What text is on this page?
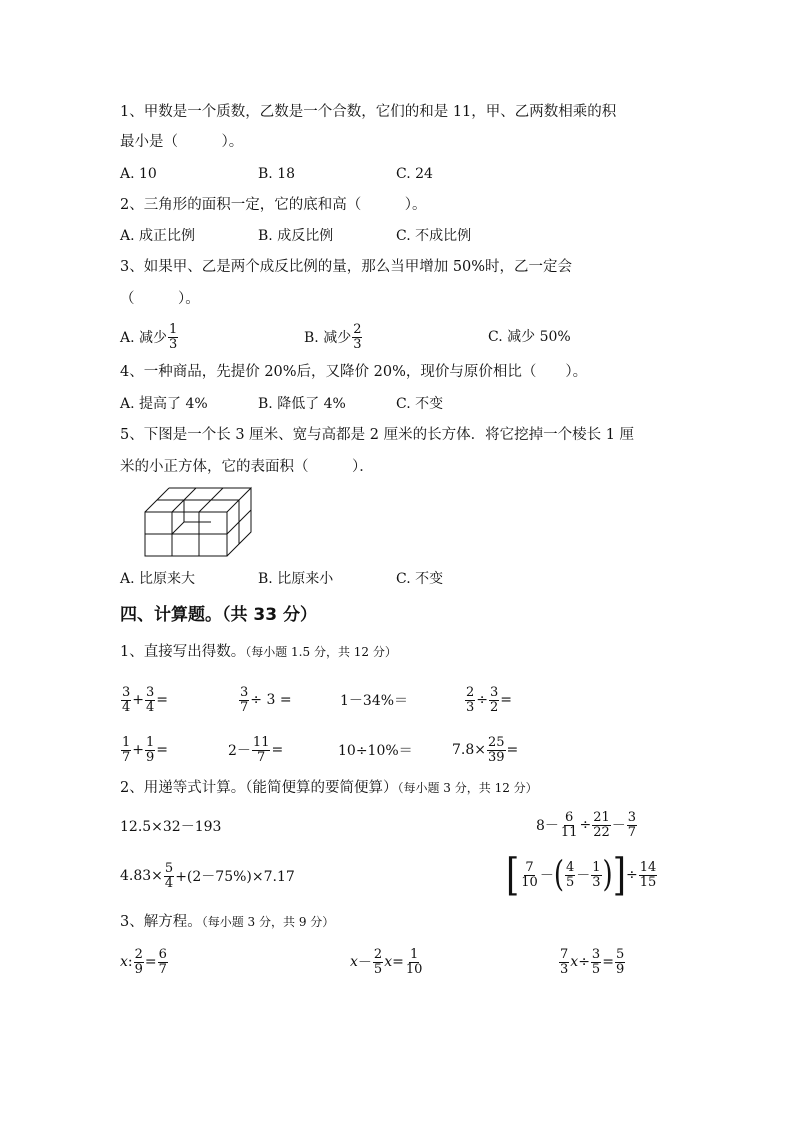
1、甲数是一个质数，乙数是一个合数，它们的和是 11，甲、乙两数相乘的积
最小是（　　　）。
A. 10	B. 18	C. 24
2、三角形的面积一定，它的底和高（　　　）。
A. 成正比例	B. 成反比例	C. 不成比例
3、如果甲、乙是两个成反比例的量，那么当甲增加 50%时，乙一定会
（　　　）。
A. 减少 $\frac{1}{3}$	B. 减少 $\frac{2}{3}$	C. 减少 50%
4、一种商品，先提价 20%后，又降价 20%，现价与原价相比（　　）。
A. 提高了 4%	B. 降低了 4%	C. 不变
5、下图是一个长 3 厘米、宽与高都是 2 厘米的长方体．将它挖掉一个棱长 1 厘
米的小正方体，它的表面积（　　　）．
A. 比原来大	B. 比原来小	C. 不变
四、计算题。（共 33 分）
1、直接写出得数。（每小题 1.5 分，共 12 分）
$\frac{3}{4} + \frac{3}{4}$ =	$\frac{3}{7} \div 3$ =	1－34%＝	$\frac{2}{3} \div \frac{3}{2}$ =
$\frac{1}{7} + \frac{1}{9}$ =	$2- \frac{11}{7}$ =	10÷10%＝	$7.8\times \frac{25}{39}$ =
2、用递等式计算。（能简便算的要简便算）（每小题 3 分，共 12 分）
12.5×32－193	$8- \frac{6}{11} \div \frac{21}{22} - \frac{3}{7}$
$4.83\times \frac{5}{4} +(2-75\%)\times 7.17$	[ $\frac{7}{10}$ － ( $\frac{4}{5} - \frac{1}{3}$ ) ] ÷ $\frac{14}{15}$
3、解方程。（每小题 3 分，共 9 分）
x : $\frac{2}{9} = \frac{6}{7}$	$x - \frac{2}{5}$ $x = \frac{1}{10}$	$\frac{7}{3}$ $x \div \frac{3}{5} = \frac{5}{9}$
